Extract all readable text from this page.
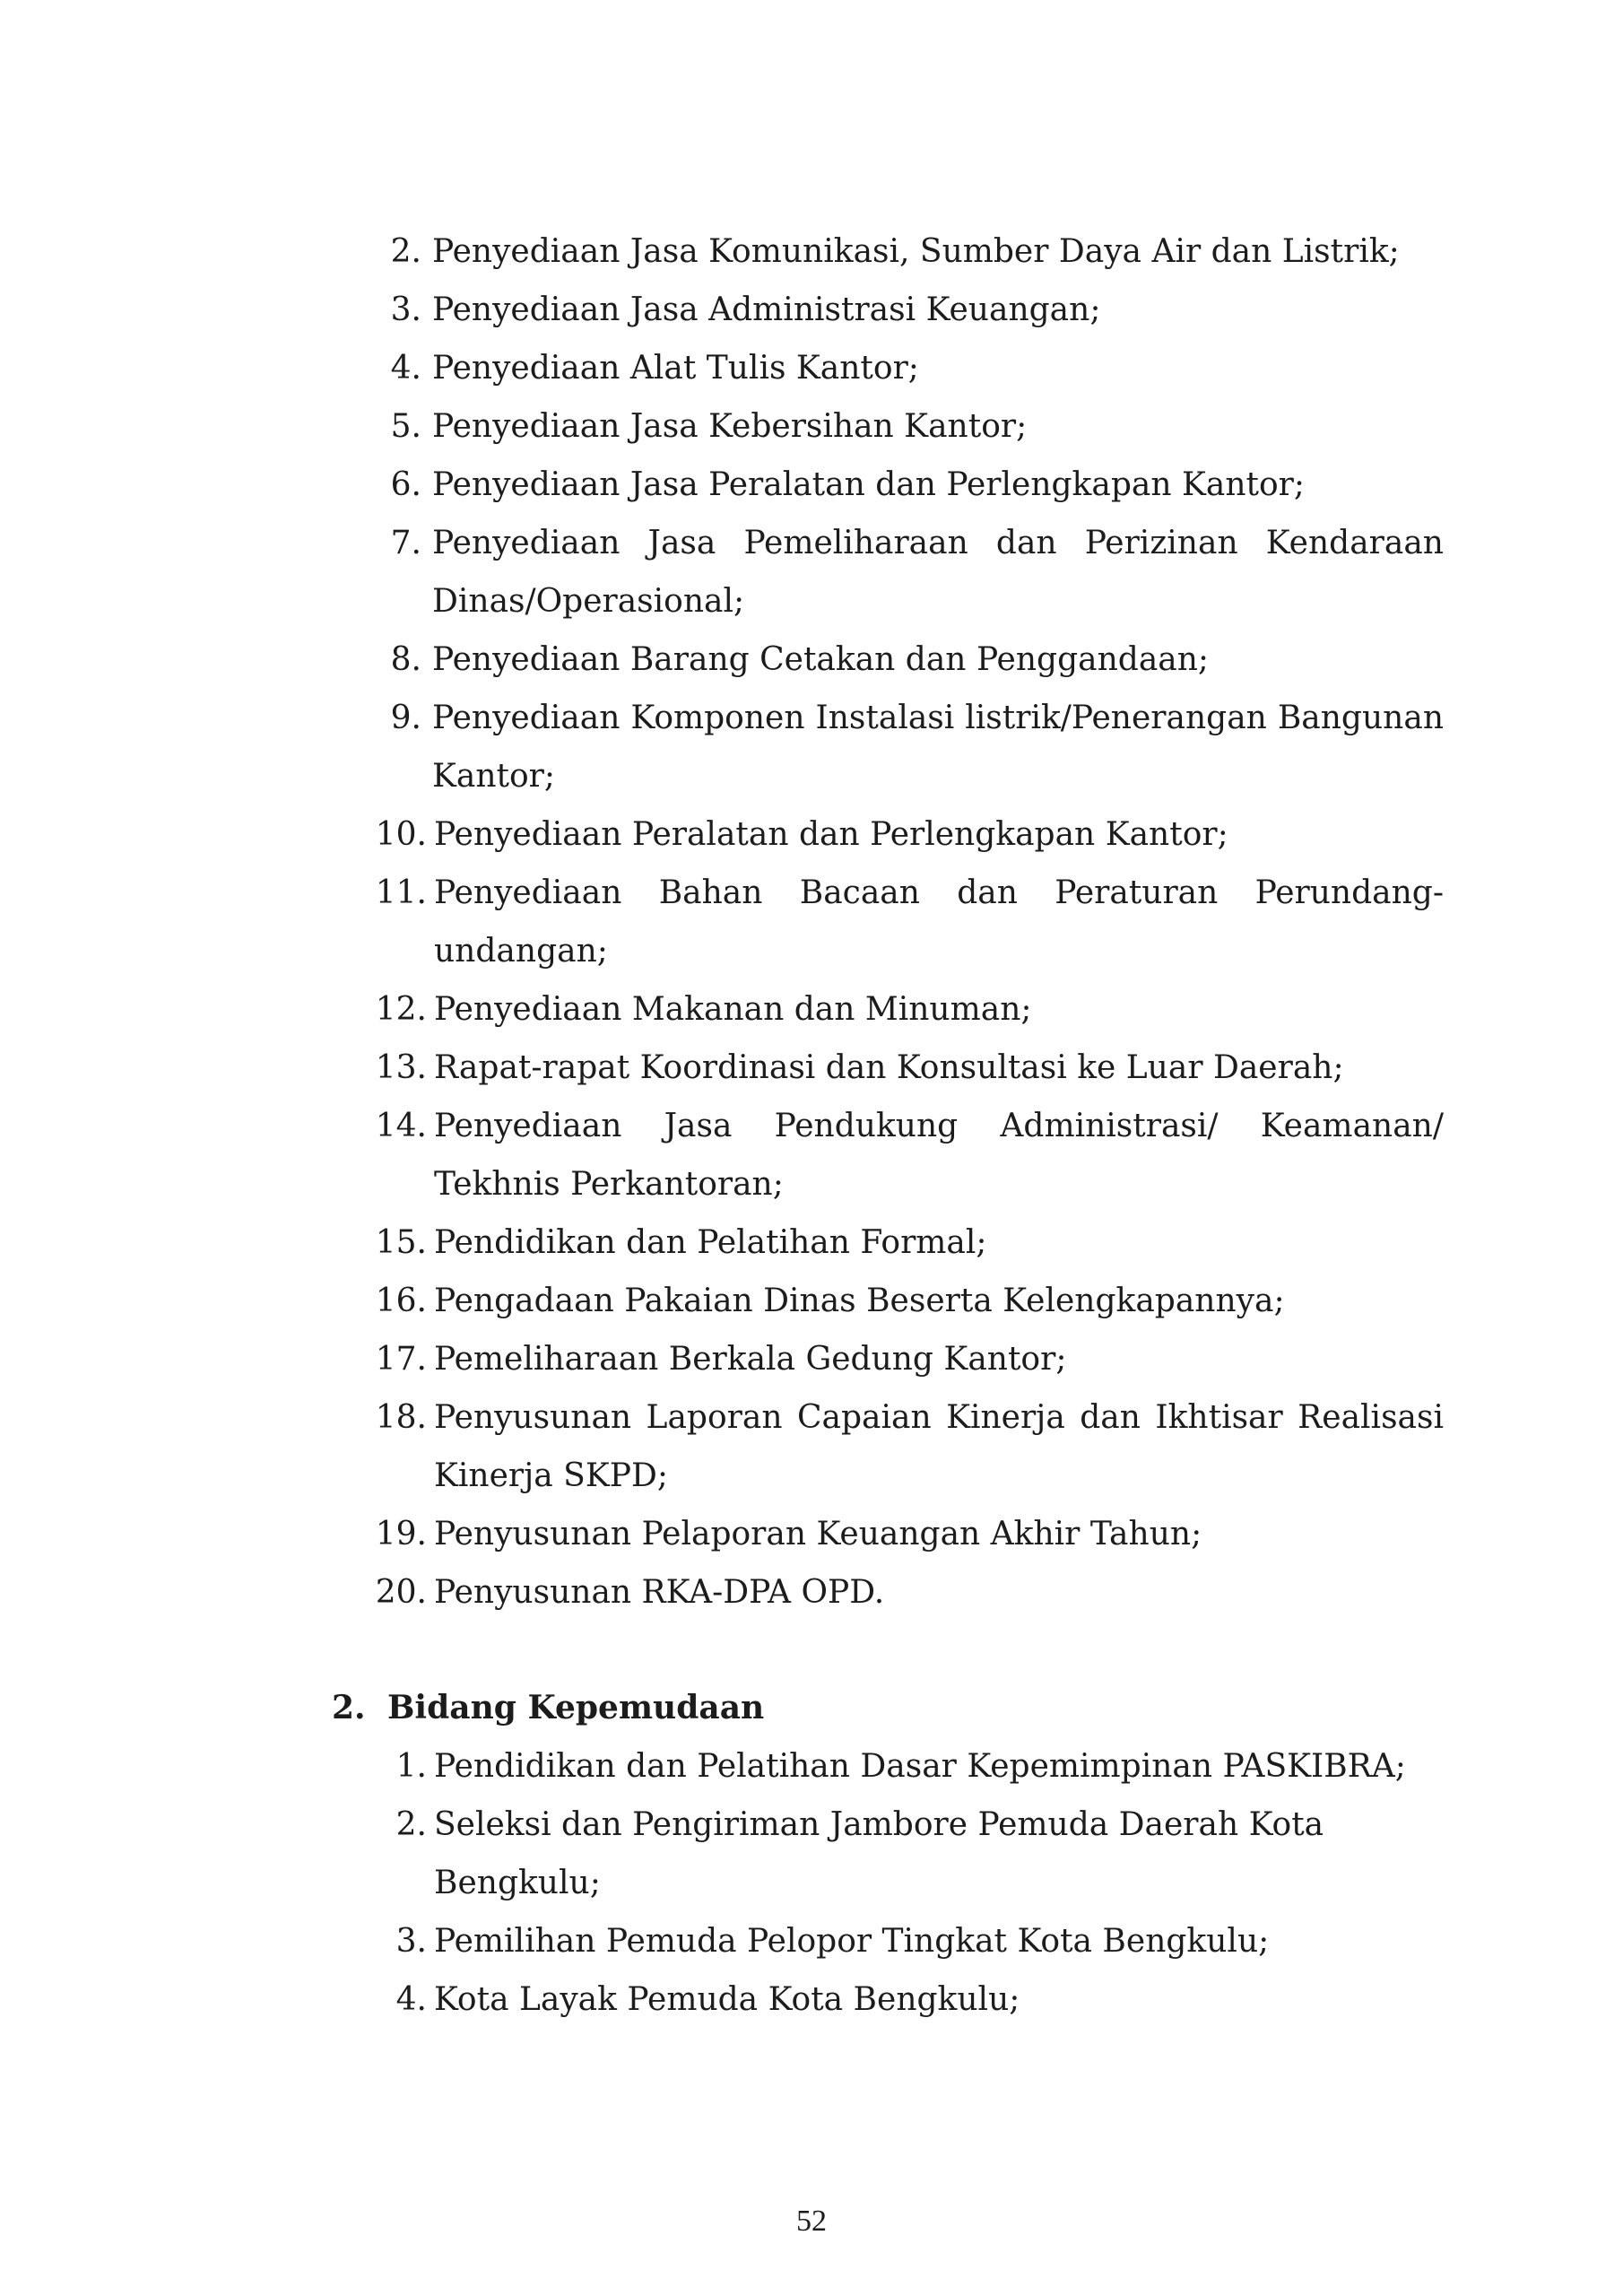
2. Penyediaan Jasa Komunikasi, Sumber Daya Air dan Listrik;
3. Penyediaan Jasa Administrasi Keuangan;
4. Penyediaan Alat Tulis Kantor;
5. Penyediaan Jasa Kebersihan Kantor;
6. Penyediaan Jasa Peralatan dan Perlengkapan Kantor;
7. Penyediaan Jasa Pemeliharaan dan Perizinan Kendaraan Dinas/Operasional;
8. Penyediaan Barang Cetakan dan Penggandaan;
9. Penyediaan Komponen Instalasi listrik/Penerangan Bangunan Kantor;
10. Penyediaan Peralatan dan Perlengkapan Kantor;
11. Penyediaan Bahan Bacaan dan Peraturan Perundang-undangan;
12. Penyediaan Makanan dan Minuman;
13. Rapat-rapat Koordinasi dan Konsultasi ke Luar Daerah;
14. Penyediaan Jasa Pendukung Administrasi/ Keamanan/ Tekhnis Perkantoran;
15. Pendidikan dan Pelatihan Formal;
16. Pengadaan Pakaian Dinas Beserta Kelengkapannya;
17. Pemeliharaan Berkala Gedung Kantor;
18. Penyusunan Laporan Capaian Kinerja dan Ikhtisar Realisasi Kinerja SKPD;
19. Penyusunan Pelaporan Keuangan Akhir Tahun;
20. Penyusunan RKA-DPA OPD.
2. Bidang Kepemudaan
1. Pendidikan dan Pelatihan Dasar Kepemimpinan PASKIBRA;
2. Seleksi dan Pengiriman Jambore Pemuda Daerah Kota Bengkulu;
3. Pemilihan Pemuda Pelopor Tingkat Kota Bengkulu;
4. Kota Layak Pemuda Kota Bengkulu;
52
